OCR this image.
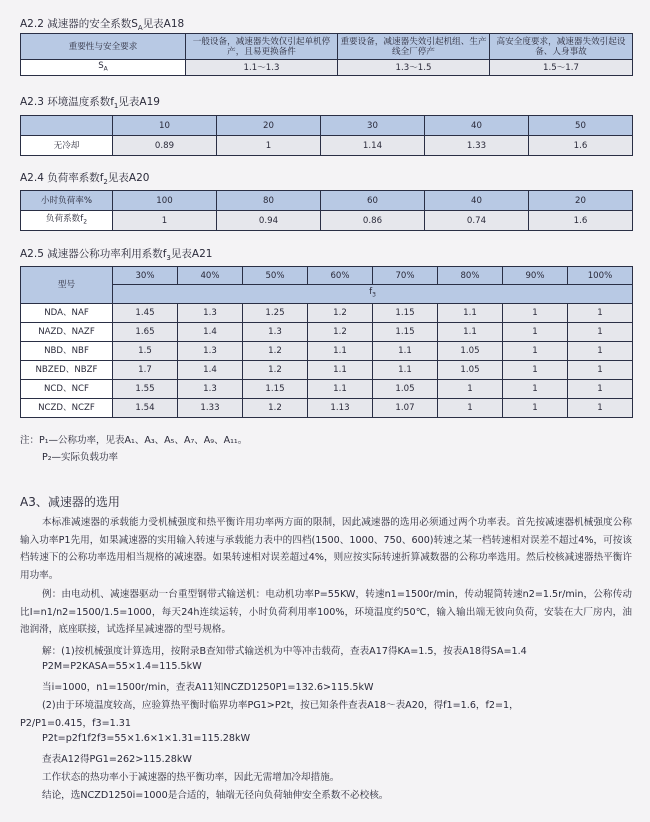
A2.2 减速器的安全系数$S_A$见表A18
重要性与安全要求	一般设备，减速器失效仅引起单机停产，且易更换备件	重要设备，减速器失效引起机组、生产线全厂停产	高安全度要求，减速器失效引起设备、人身事故
$S_A$	1.1～1.3	1.3～1.5	1.5～1.7
A2.3 环境温度系数$f_1$见表A19
	10	20	30	40	50
无冷却	0.89	1	1.14	1.33	1.6
A2.4 负荷率系数$f_2$见表A20
小时负荷率%	100	80	60	40	20
负荷系数$f_2$	1	0.94	0.86	0.74	1.6
A2.5 减速器公称功率利用系数$f_3$见表A21
型号	30%	40%	50%	60%	70%	80%	90%	100%
	$f_3$
NDA、NAF	1.45	1.3	1.25	1.2	1.15	1.1	1	1
NAZD、NAZF	1.65	1.4	1.3	1.2	1.15	1.1	1	1
NBD、NBF	1.5	1.3	1.2	1.1	1.1	1.05	1	1
NBZED、NBZF	1.7	1.4	1.2	1.1	1.1	1.05	1	1
NCD、NCF	1.55	1.3	1.15	1.1	1.05	1	1	1
NCZD、NCZF	1.54	1.33	1.2	1.13	1.07	1	1	1
注：P₁—公称功率，见表A₁、A₃、A₅、A₇、A₉、A₁₁。
P₂—实际负载功率
A3、减速器的选用

本标准减速器的承载能力受机械强度和热平衡许用功率两方面的限制，因此减速器的选用必须通过两个功率表。首先按减速器机械强度公称输入功率P1先用，如果减速器的实用输入转速与承载能力表中的四档(1500、1000、750、600)转速之某一档转速相对误差不超过4%，可按该档转速下的公称功率选用相当规格的减速器。如果转速相对误差超过4%，则应按实际转速折算减数器的公称功率选用。然后校核减速器热平衡许用功率。

例：由电动机、减速器驱动一台重型钢带式输送机：电动机功率P=55KW，转速n1=1500r/min，传动辊筒转速n2=1.5r/min，公称传动比I=n1/n2=1500/1.5=1000，每天24h连续运转，小时负荷利用率100%，环境温度约50℃，输入输出端无彼向负荷，安装在大厂房内，油池润滑，底座联接，试选择星减速器的型号规格。

解：(1)按机械强度计算选用，按附录B查知带式输送机为中等冲击载荷，查表A17得KA=1.5，按表A18得SA=1.4
P2M=P2KASA=55×1.4=115.5kW
当i=1000，n1=1500r/min，查表A11知NCZD1250P1=132.6>115.5kW
(2)由于环境温度较高，应验算热平衡时临界功率PG1>P2t，按已知条件查表A18～表A20，得f1=1.6，f2=1，
P2/P1=0.415，f3=1.31
P2t=p2f1f2f3=55×1.6×1×1.31=115.28kW
查表A12得PG1=262>115.28kW
工作状态的热功率小于减速器的热平衡功率，因此无需增加冷却措施。
结论，选NCZD1250i=1000是合适的，轴端无径向负荷轴伸安全系数不必校核。
